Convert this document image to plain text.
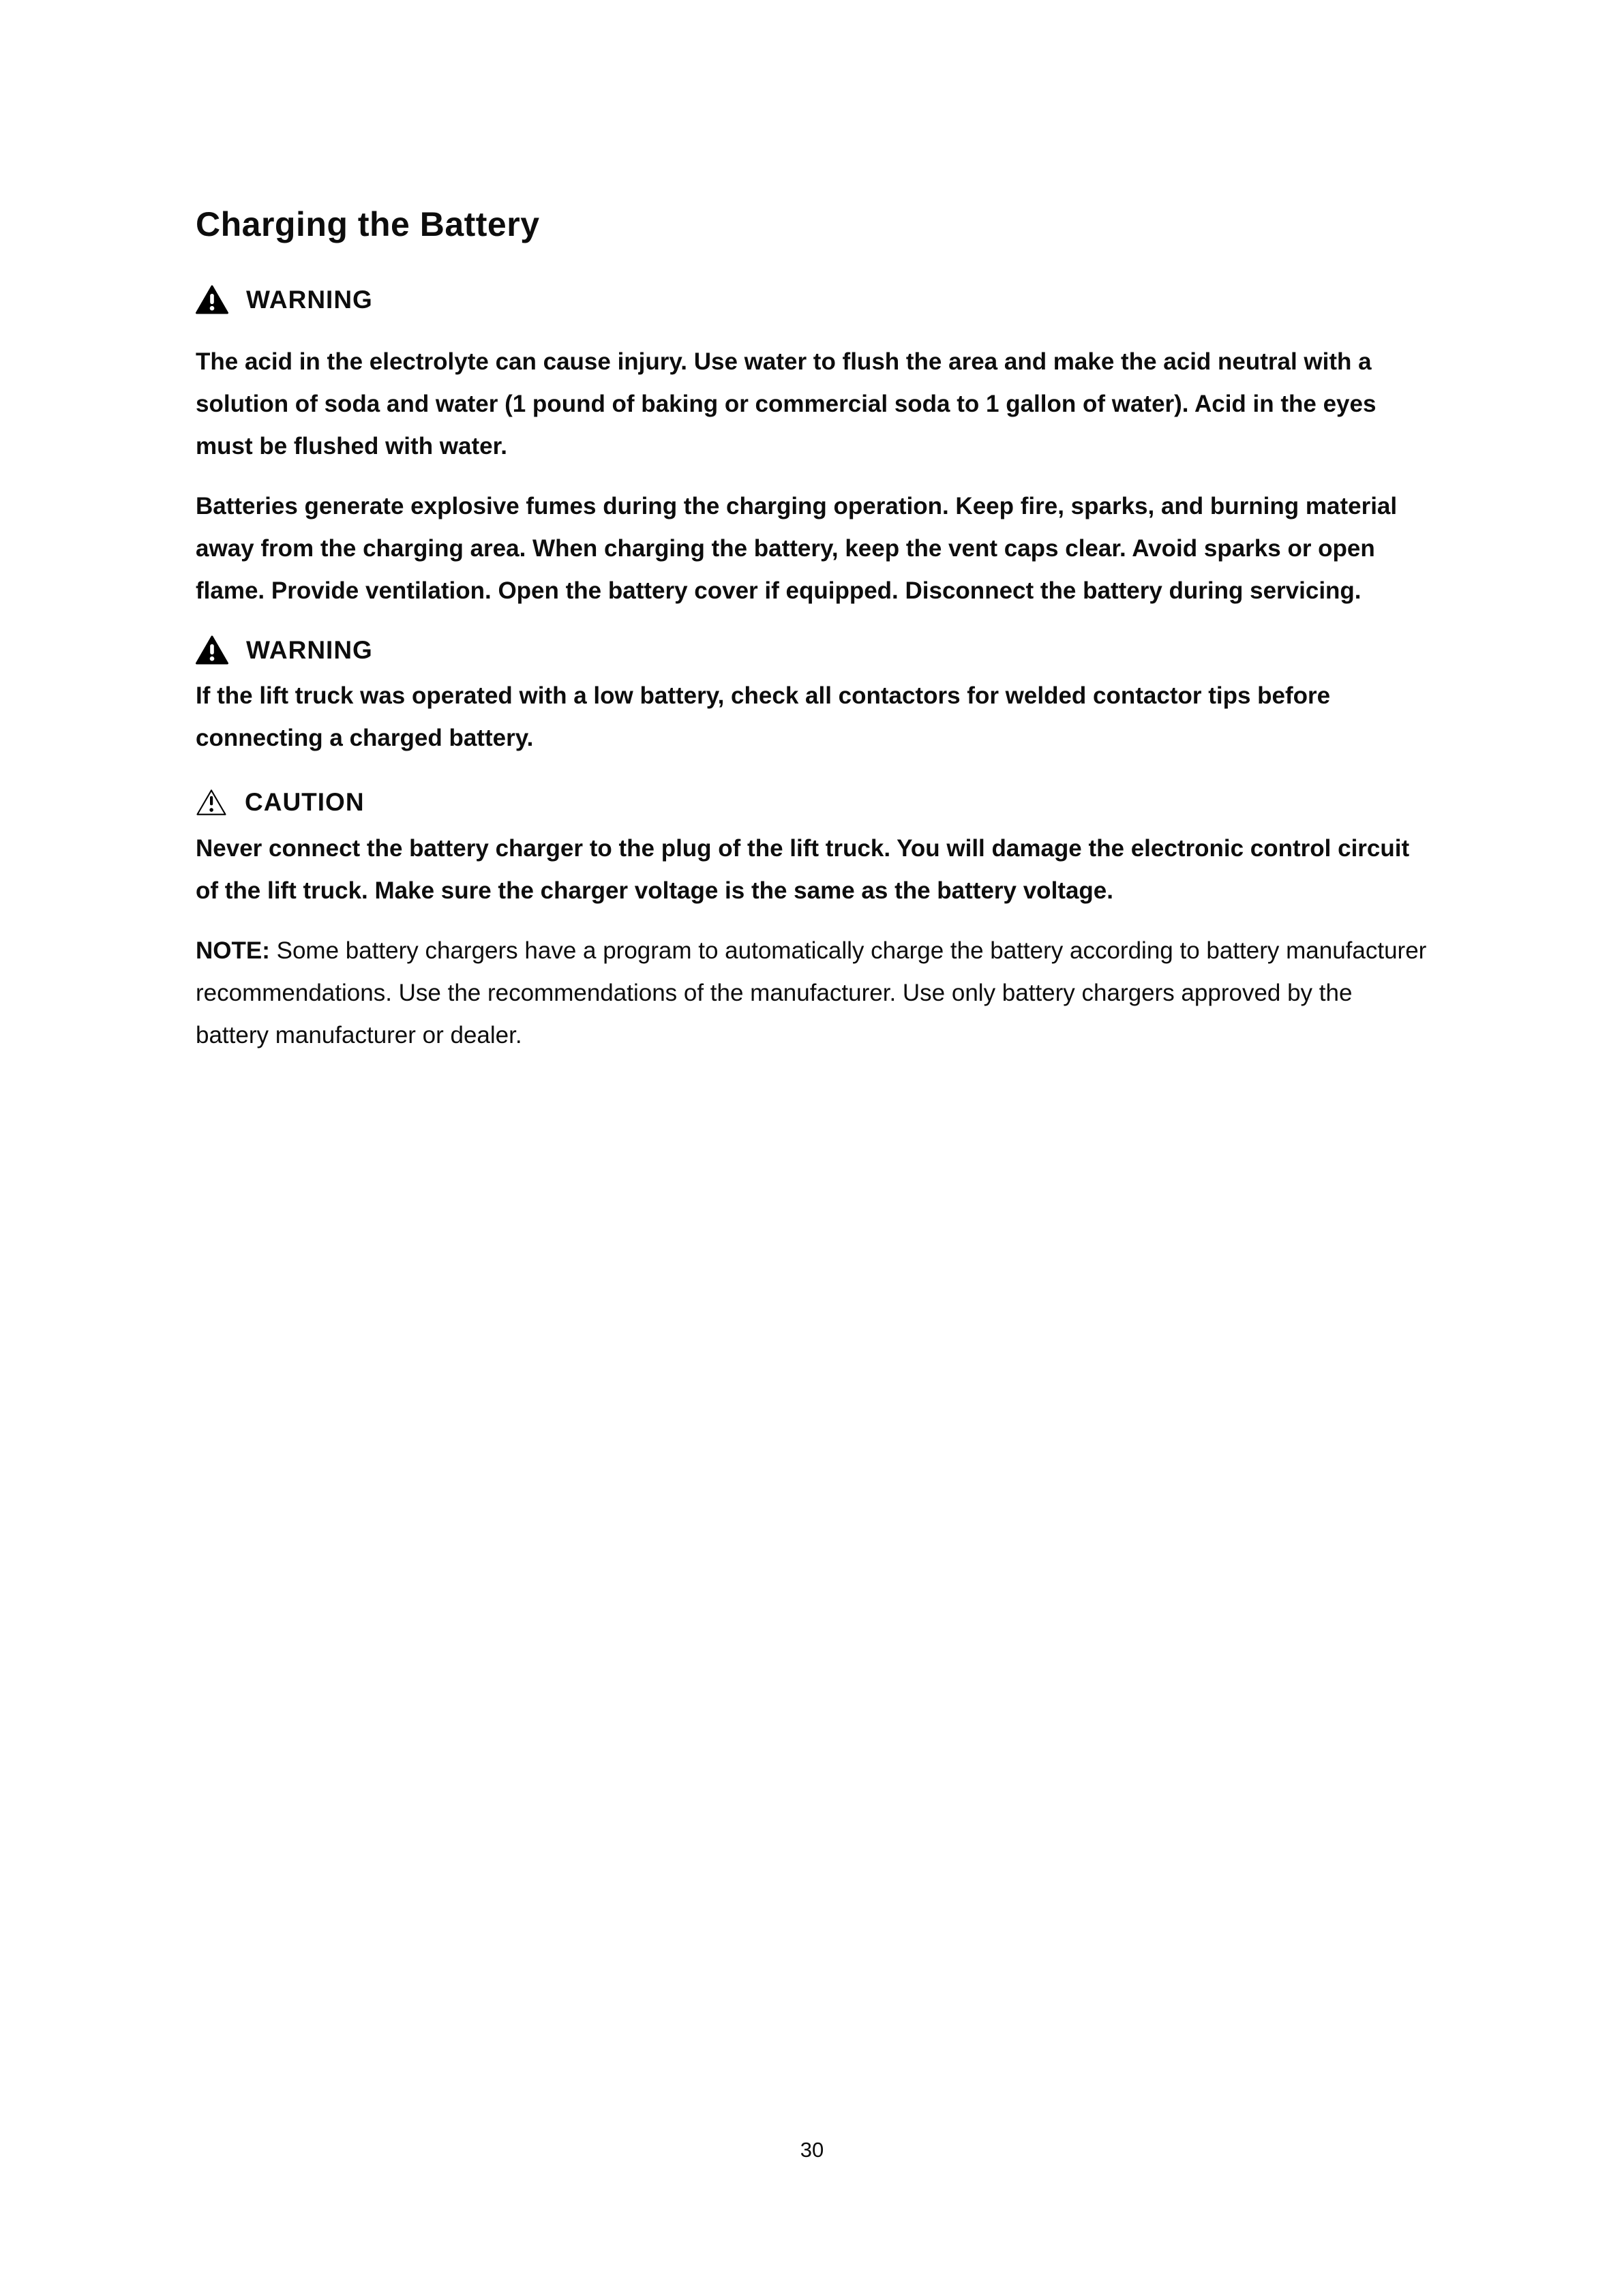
Charging the Battery
WARNING

The acid in the electrolyte can cause injury. Use water to flush the area and make the acid neutral with a solution of soda and water (1 pound of baking or commercial soda to 1 gallon of water). Acid in the eyes must be flushed with water.

Batteries generate explosive fumes during the charging operation. Keep fire, sparks, and burning material away from the charging area. When charging the battery, keep the vent caps clear. Avoid sparks or open flame. Provide ventilation. Open the battery cover if equipped. Disconnect the battery during servicing.

WARNING

If the lift truck was operated with a low battery, check all contactors for welded contactor tips before connecting a charged battery.

CAUTION

Never connect the battery charger to the plug of the lift truck. You will damage the electronic control circuit of the lift truck. Make sure the charger voltage is the same as the battery voltage.

NOTE: Some battery chargers have a program to automatically charge the battery according to battery manufacturer recommendations. Use the recommendations of the manufacturer. Use only battery chargers approved by the battery manufacturer or dealer.

30
